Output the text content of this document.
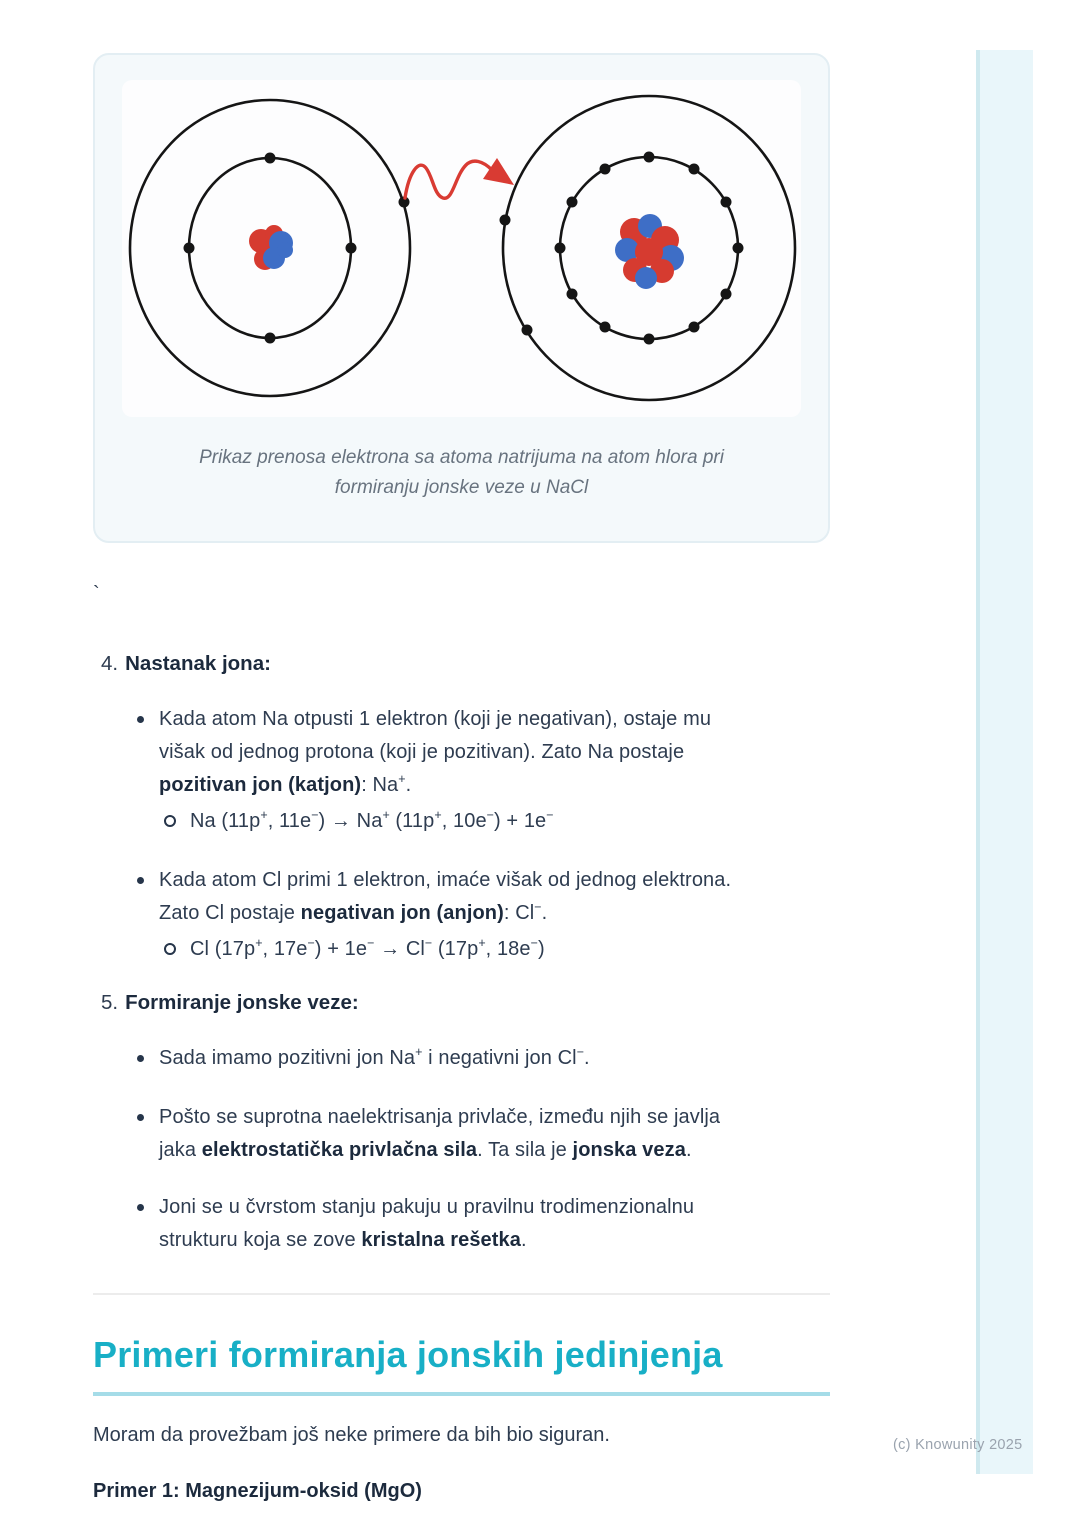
(c) Knowunity 2025
Prikaz prenosa elektrona sa atoma natrijuma na atom hlora pri
formiranju jonske veze u NaCl
`
4. Nastanak jona:
Kada atom Na otpusti 1 elektron (koji je negativan), ostaje mu
višak od jednog protona (koji je pozitivan). Zato Na postaje
pozitivan jon (katjon): Na+.
Na (11p+, 11e−) → Na+ (11p+, 10e−) + 1e−
Kada atom Cl primi 1 elektron, imaće višak od jednog elektrona.
Zato Cl postaje negativan jon (anjon): Cl−.
Cl (17p+, 17e−) + 1e− → Cl− (17p+, 18e−)
5. Formiranje jonske veze:
Sada imamo pozitivni jon Na+ i negativni jon Cl−.
Pošto se suprotna naelektrisanja privlače, između njih se javlja
jaka elektrostatička privlačna sila. Ta sila je jonska veza.
Joni se u čvrstom stanju pakuju u pravilnu trodimenzionalnu
strukturu koja se zove kristalna rešetka.
Primeri formiranja jonskih jedinjenja
Moram da provežbam još neke primere da bih bio siguran.
Primer 1: Magnezijum-oksid (MgO)
